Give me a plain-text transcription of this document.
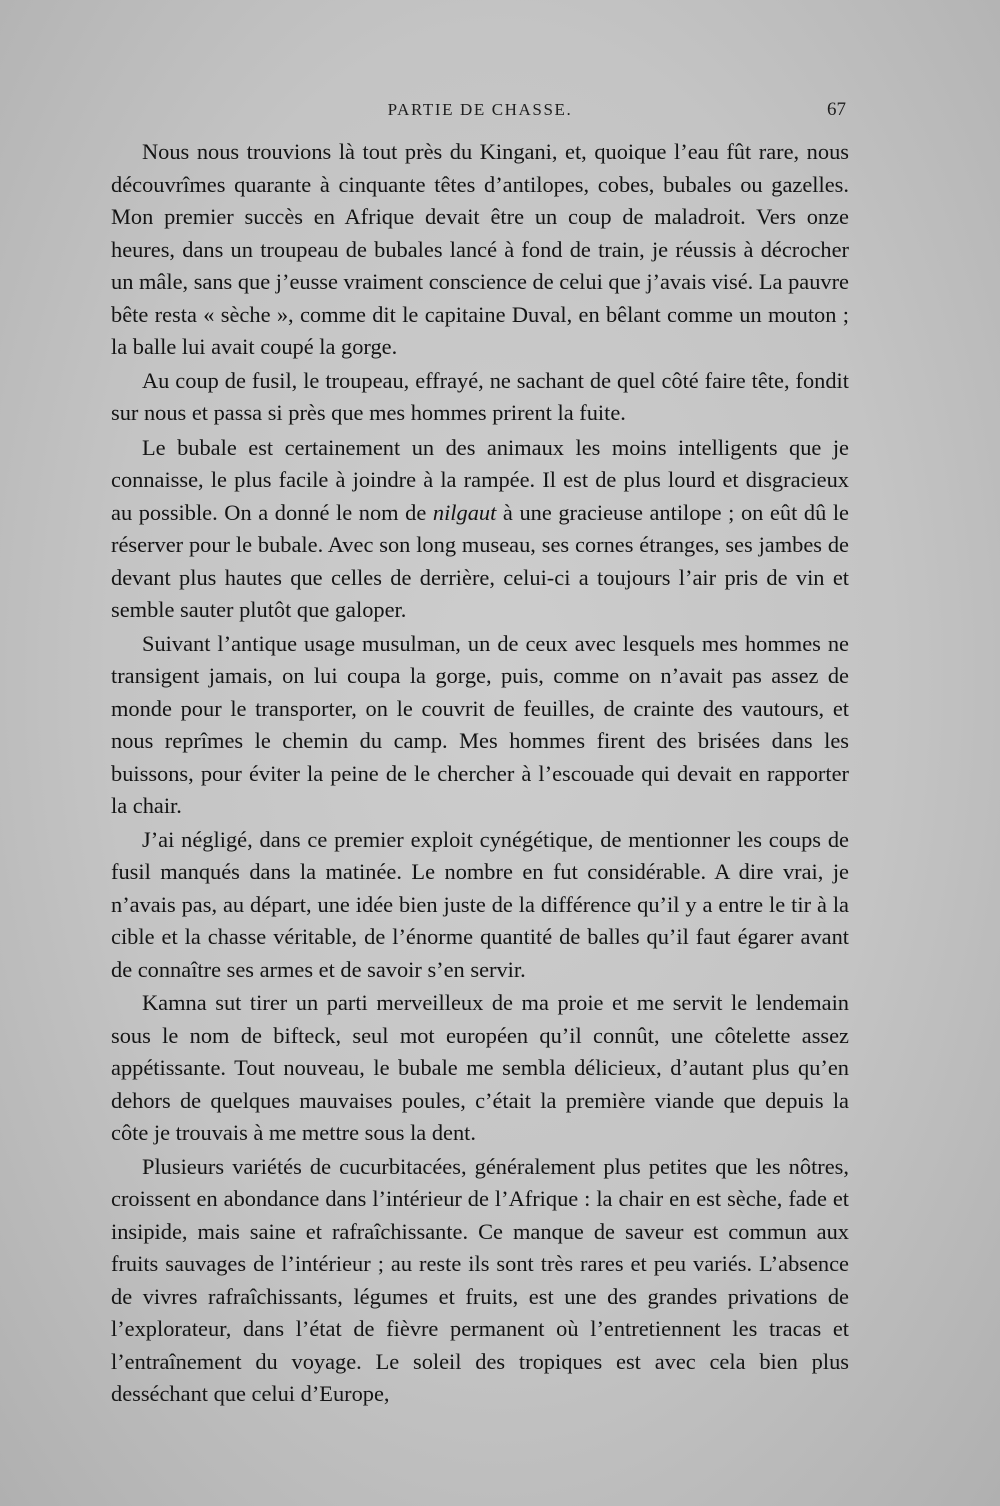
PARTIE DE CHASSE.	67

Nous nous trouvions là tout près du Kingani, et, quoique l’eau fût rare, nous découvrîmes quarante à cinquante têtes d’antilopes, cobes, bubales ou gazelles. Mon premier succès en Afrique devait être un coup de maladroit. Vers onze heures, dans un troupeau de bubales lancé à fond de train, je réussis à décrocher un mâle, sans que j’eusse vraiment conscience de celui que j’avais visé. La pauvre bête resta « sèche », comme dit le capitaine Duval, en bêlant comme un mouton ; la balle lui avait coupé la gorge.

Au coup de fusil, le troupeau, effrayé, ne sachant de quel côté faire tête, fondit sur nous et passa si près que mes hommes prirent la fuite.

Le bubale est certainement un des animaux les moins intelligents que je connaisse, le plus facile à joindre à la rampée. Il est de plus lourd et disgracieux au possible. On a donné le nom de nilgaut à une gracieuse antilope ; on eût dû le réserver pour le bubale. Avec son long museau, ses cornes étranges, ses jambes de devant plus hautes que celles de derrière, celui-ci a toujours l’air pris de vin et semble sauter plutôt que galoper.

Suivant l’antique usage musulman, un de ceux avec lesquels mes hommes ne transigent jamais, on lui coupa la gorge, puis, comme on n’avait pas assez de monde pour le transporter, on le couvrit de feuilles, de crainte des vautours, et nous reprîmes le chemin du camp. Mes hommes firent des brisées dans les buissons, pour éviter la peine de le chercher à l’escouade qui devait en rapporter la chair.

J’ai négligé, dans ce premier exploit cynégétique, de mentionner les coups de fusil manqués dans la matinée. Le nombre en fut considérable. A dire vrai, je n’avais pas, au départ, une idée bien juste de la différence qu’il y a entre le tir à la cible et la chasse véritable, de l’énorme quantité de balles qu’il faut égarer avant de connaître ses armes et de savoir s’en servir.

Kamna sut tirer un parti merveilleux de ma proie et me servit le lendemain sous le nom de bifteck, seul mot européen qu’il connût, une côtelette assez appétissante. Tout nouveau, le bubale me sembla délicieux, d’autant plus qu’en dehors de quelques mauvaises poules, c’était la première viande que depuis la côte je trouvais à me mettre sous la dent.

Plusieurs variétés de cucurbitacées, généralement plus petites que les nôtres, croissent en abondance dans l’intérieur de l’Afrique : la chair en est sèche, fade et insipide, mais saine et rafraîchissante. Ce manque de saveur est commun aux fruits sauvages de l’intérieur ; au reste ils sont très rares et peu variés. L’absence de vivres rafraîchissants, légumes et fruits, est une des grandes privations de l’explorateur, dans l’état de fièvre permanent où l’entretiennent les tracas et l’entraînement du voyage. Le soleil des tropiques est avec cela bien plus desséchant que celui d’Europe,
